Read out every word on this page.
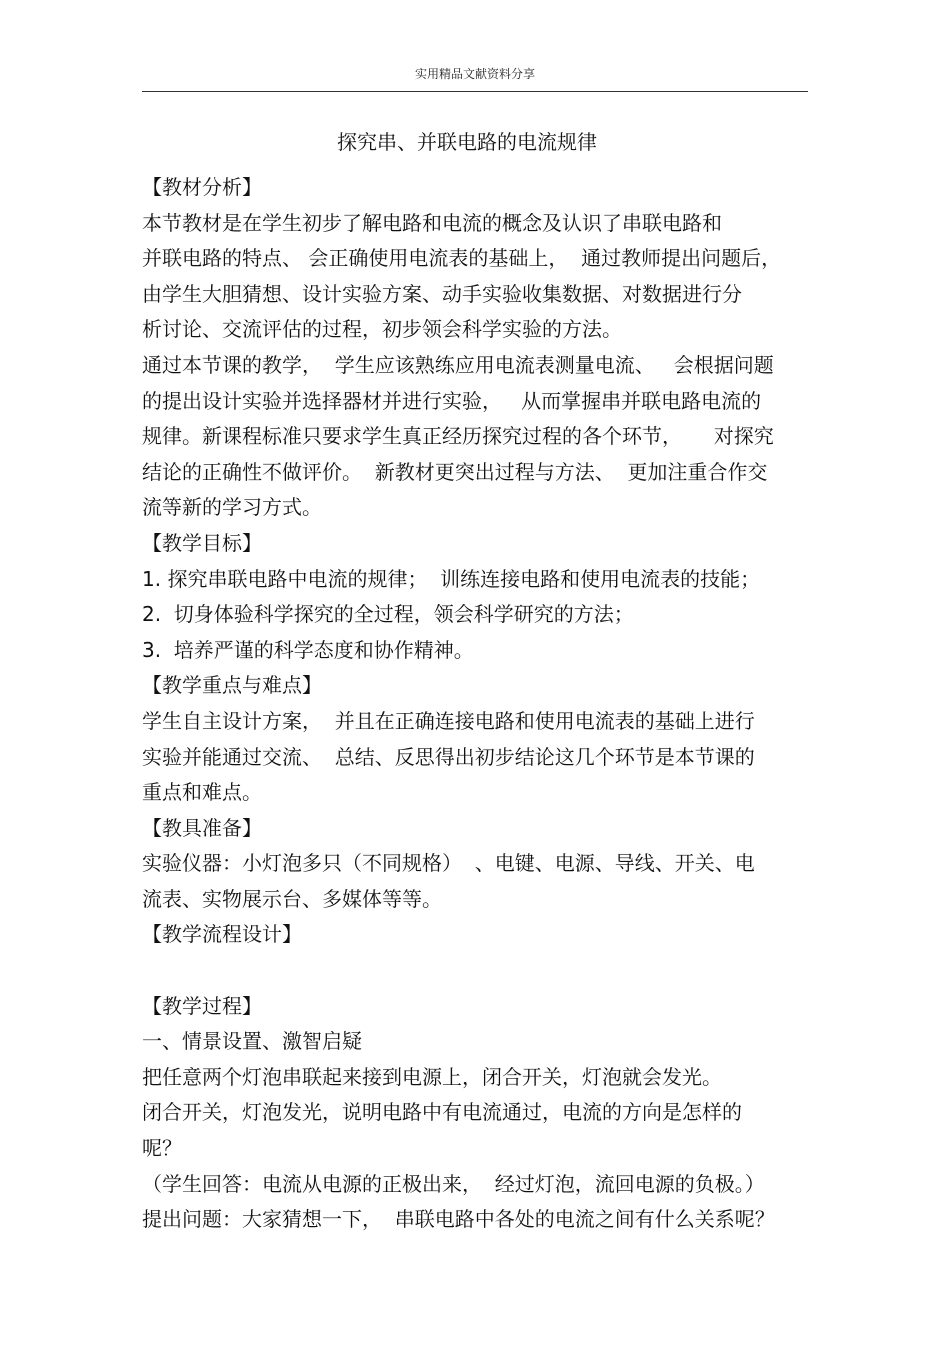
实用精品文献资料分享
探究串、并联电路的电流规律
【教材分析】
本节教材是在学生初步了解电路和电流的概念及认识了串联电路和
并联电路的特点、 会正确使用电流表的基础上，  通过教师提出问题后，
由学生大胆猜想、设计实验方案、动手实验收集数据、对数据进行分
析讨论、交流评估的过程，初步领会科学实验的方法。
通过本节课的教学，  学生应该熟练应用电流表测量电流、   会根据问题
的提出设计实验并选择器材并进行实验，   从而掌握串并联电路电流的
规律。新课程标准只要求学生真正经历探究过程的各个环节，     对探究
结论的正确性不做评价。  新教材更突出过程与方法、  更加注重合作交
流等新的学习方式。
【教学目标】
1. 探究串联电路中电流的规律；  训练连接电路和使用电流表的技能；
2.  切身体验科学探究的全过程，领会科学研究的方法；
3.  培养严谨的科学态度和协作精神。
【教学重点与难点】
学生自主设计方案，  并且在正确连接电路和使用电流表的基础上进行
实验并能通过交流、  总结、反思得出初步结论这几个环节是本节课的
重点和难点。
【教具准备】
实验仪器：小灯泡多只（不同规格）  、电键、电源、导线、开关、电
流表、实物展示台、多媒体等等。
【教学流程设计】
【教学过程】
一、情景设置、激智启疑
把任意两个灯泡串联起来接到电源上，闭合开关，灯泡就会发光。
闭合开关，灯泡发光，说明电路中有电流通过，电流的方向是怎样的
呢？
（学生回答：电流从电源的正极出来，  经过灯泡，流回电源的负极。）
提出问题：大家猜想一下，  串联电路中各处的电流之间有什么关系呢？
